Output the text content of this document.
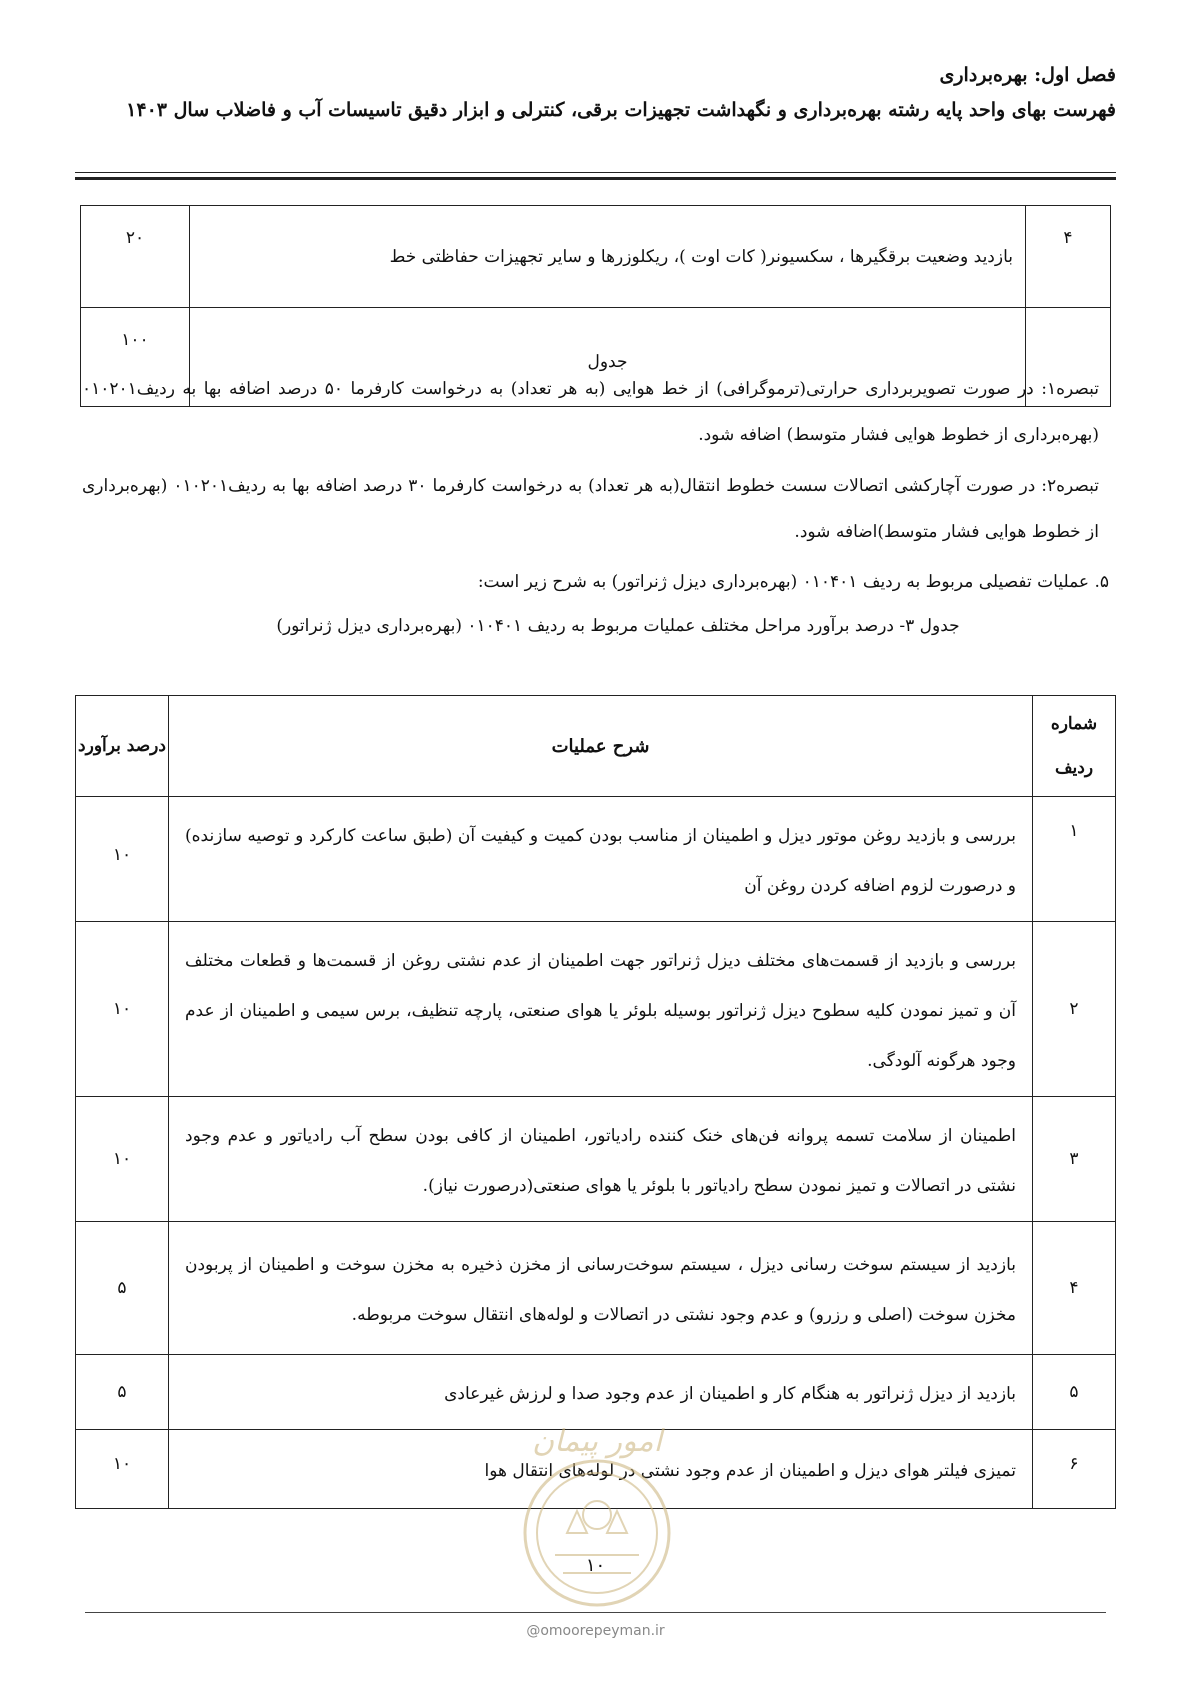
فصل اول: بهره‌برداری
فهرست بهای واحد پایه رشته بهره‌برداری و نگهداشت تجهیزات برقی، کنترلی و ابزار دقیق تاسیسات آب و فاضلاب سال ۱۴۰۳
۴	بازدید وضعیت برقگیرها ، سکسیونر( کات اوت )، ریکلوزرها و سایر تجهیزات حفاظتی خط	۲۰
	جدول	۱۰۰
تبصره۱: در صورت تصویربرداری حرارتی(ترموگرافی) از خط هوایی (به هر تعداد) به درخواست کارفرما ۵۰ درصد اضافه بها به ردیف۰۱۰۲۰۱ (بهره‌برداری از خطوط هوایی فشار متوسط) اضافه شود.
تبصره۲: در صورت آچارکشی اتصالات سست خطوط انتقال(به هر تعداد) به درخواست کارفرما ۳۰ درصد اضافه بها به ردیف۰۱۰۲۰۱ (بهره‌برداری از خطوط هوایی فشار متوسط)اضافه شود.
۵. عملیات تفصیلی مربوط به ردیف ۰۱۰۴۰۱ (بهره‌برداری دیزل ژنراتور) به شرح زیر است:
جدول ۳- درصد برآورد مراحل مختلف عملیات مربوط به ردیف ۰۱۰۴۰۱ (بهره‌برداری دیزل ژنراتور)
شماره ردیف	شرح عملیات	درصد برآورد
۱	بررسی و بازدید روغن موتور دیزل و اطمینان از مناسب بودن کمیت و کیفیت آن (طبق ساعت کارکرد و توصیه سازنده) و درصورت لزوم اضافه کردن روغن آن	۱۰
۲	بررسی و بازدید از قسمت‌های مختلف دیزل ژنراتور جهت اطمینان از عدم نشتی روغن از قسمت‌ها و قطعات مختلف آن و تمیز نمودن کلیه سطوح دیزل ژنراتور بوسیله بلوئر یا هوای صنعتی، پارچه تنظیف، برس سیمی و اطمینان از عدم وجود هرگونه آلودگی.	۱۰
۳	اطمینان از سلامت تسمه پروانه فن‌های خنک کننده رادیاتور، اطمینان از کافی بودن سطح آب رادیاتور و عدم وجود نشتی در اتصالات و تمیز نمودن سطح رادیاتور با بلوئر یا هوای صنعتی(درصورت نیاز).	۱۰
۴	بازدید از سیستم سوخت رسانی دیزل ، سیستم سوخت‌رسانی از مخزن ذخیره به مخزن سوخت و اطمینان از پربودن مخزن سوخت (اصلی و رزرو) و عدم وجود نشتی در اتصالات و لوله‌های انتقال سوخت مربوطه.	۵
۵	بازدید از دیزل ژنراتور به هنگام کار و اطمینان از عدم وجود صدا و لرزش غیرعادی	۵
۶	تمیزی فیلتر هوای دیزل و اطمینان از عدم وجود نشتی در لوله‌های انتقال هوا	۱۰
امور پیمان
۱۰
@omoorepeyman.ir
